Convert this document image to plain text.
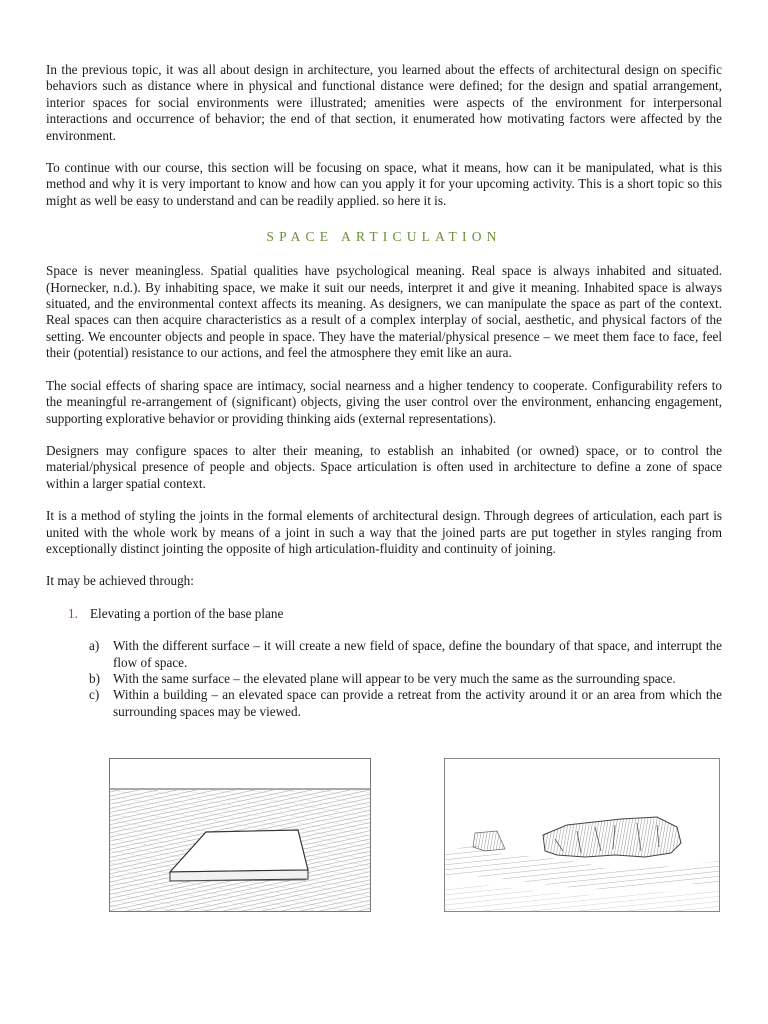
In the previous topic, it was all about design in architecture, you learned about the effects of architectural design on specific behaviors such as distance where in physical and functional distance were defined; for the design and spatial arrangement, interior spaces for social environments were illustrated; amenities were aspects of the environment for interpersonal interactions and occurrence of behavior; the end of that section, it enumerated how motivating factors were affected by the environment.

To continue with our course, this section will be focusing on space, what it means, how can it be manipulated, what is this method and why it is very important to know and how can you apply it for your upcoming activity. This is a short topic so this might as well be easy to understand and can be readily applied. so here it is.

SPACE ARTICULATION

Space is never meaningless. Spatial qualities have psychological meaning. Real space is always inhabited and situated. (Hornecker, n.d.). By inhabiting space, we make it suit our needs, interpret it and give it meaning. Inhabited space is always situated, and the environmental context affects its meaning. As designers, we can manipulate the space as part of the context. Real spaces can then acquire characteristics as a result of a complex interplay of social, aesthetic, and physical factors of the setting. We encounter objects and people in space. They have the material/physical presence – we meet them face to face, feel their (potential) resistance to our actions, and feel the atmosphere they emit like an aura.

The social effects of sharing space are intimacy, social nearness and a higher tendency to cooperate. Configurability refers to the meaningful re-arrangement of (significant) objects, giving the user control over the environment, enhancing engagement, supporting explorative behavior or providing thinking aids (external representations).

Designers may configure spaces to alter their meaning, to establish an inhabited (or owned) space, or to control the material/physical presence of people and objects. Space articulation is often used in architecture to define a zone of space within a larger spatial context.

It is a method of styling the joints in the formal elements of architectural design. Through degrees of articulation, each part is united with the whole work by means of a joint in such a way that the joined parts are put together in styles ranging from exceptionally distinct jointing the opposite of high articulation-fluidity and continuity of joining.

It may be achieved through:

1. Elevating a portion of the base plane
a) With the different surface – it will create a new field of space, define the boundary of that space, and interrupt the flow of space.
b) With the same surface – the elevated plane will appear to be very much the same as the surrounding space.
c) Within a building – an elevated space can provide a retreat from the activity around it or an area from which the surrounding spaces may be viewed.
